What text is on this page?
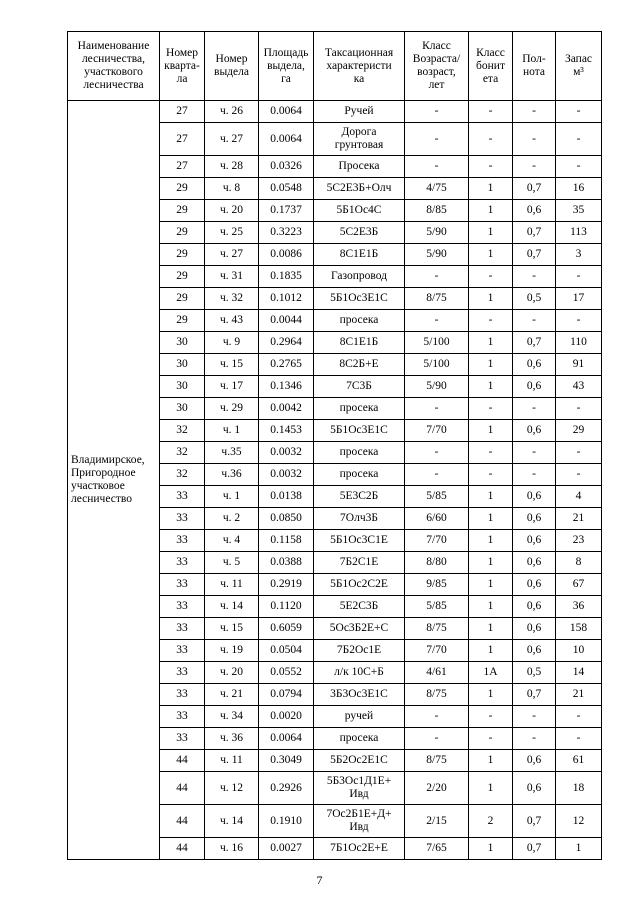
Наименование
лесничества,
участкового
лесничества	Номер
кварта-
ла	Номер
выдела	Площадь
выдела,
га	Таксационная
характеристи
ка	Класс
Возраста/
возраст,
лет	Класс
бонит
ета	Пол-
нота	Запас
м³

Владимирское,
Пригородное
участковое
лесничество	27	ч. 26	0.0064	Ручей	-	-	-	-
	27	ч. 27	0.0064	Дорога
грунтовая	-	-	-	-
	27	ч. 28	0.0326	Просека	-	-	-	-
	29	ч. 8	0.0548	5С2Е3Б+Олч	4/75	1	0,7	16
	29	ч. 20	0.1737	5Б1Ос4С	8/85	1	0,6	35
	29	ч. 25	0.3223	5С2Е3Б	5/90	1	0,7	113
	29	ч. 27	0.0086	8С1Е1Б	5/90	1	0,7	3
	29	ч. 31	0.1835	Газопровод	-	-	-	-
	29	ч. 32	0.1012	5Б1Ос3Е1С	8/75	1	0,5	17
	29	ч. 43	0.0044	просека	-	-	-	-
	30	ч. 9	0.2964	8С1Е1Б	5/100	1	0,7	110
	30	ч. 15	0.2765	8С2Б+Е	5/100	1	0,6	91
	30	ч. 17	0.1346	7С3Б	5/90	1	0,6	43
	30	ч. 29	0.0042	просека	-	-	-	-
	32	ч. 1	0.1453	5Б1Ос3Е1С	7/70	1	0,6	29
	32	ч.35	0.0032	просека	-	-	-	-
	32	ч.36	0.0032	просека	-	-	-	-
	33	ч. 1	0.0138	5Е3С2Б	5/85	1	0,6	4
	33	ч. 2	0.0850	7Олч3Б	6/60	1	0,6	21
	33	ч. 4	0.1158	5Б1Ос3С1Е	7/70	1	0,6	23
	33	ч. 5	0.0388	7Б2С1Е	8/80	1	0,6	8
	33	ч. 11	0.2919	5Б1Ос2С2Е	9/85	1	0,6	67
	33	ч. 14	0.1120	5Е2С3Б	5/85	1	0,6	36
	33	ч. 15	0.6059	5Ос3Б2Е+С	8/75	1	0,6	158
	33	ч. 19	0.0504	7Б2Ос1Е	7/70	1	0,6	10
	33	ч. 20	0.0552	л/к 10С+Б	4/61	1А	0,5	14
	33	ч. 21	0.0794	3Б3Ос3Е1С	8/75	1	0,7	21
	33	ч. 34	0.0020	ручей	-	-	-	-
	33	ч. 36	0.0064	просека	-	-	-	-
	44	ч. 11	0.3049	5Б2Ос2Е1С	8/75	1	0,6	61
	44	ч. 12	0.2926	5Б3Ос1Д1Е+
Ивд	2/20	1	0,6	18
	44	ч. 14	0.1910	7Ос2Б1Е+Д+
Ивд	2/15	2	0,7	12
	44	ч. 16	0.0027	7Б1Ос2Е+Е	7/65	1	0,7	1
7
